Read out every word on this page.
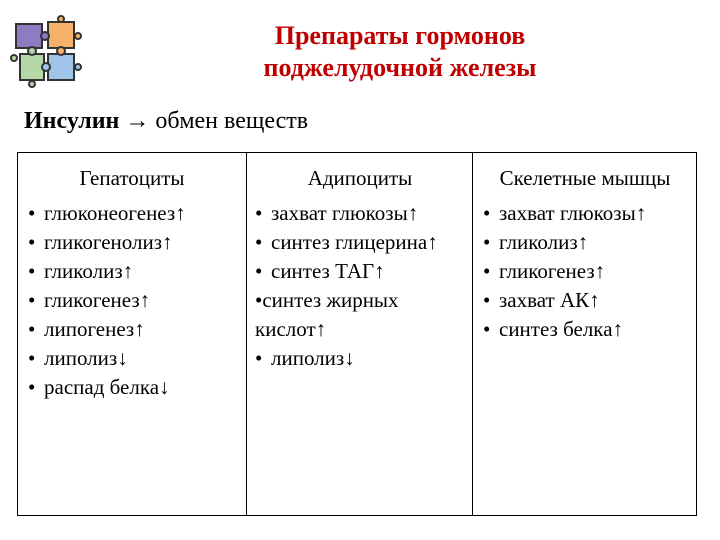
Препараты гормонов поджелудочной железы
Инсулин → обмен веществ
Гепатоциты
• глюконеогенез↑
• гликогенолиз↑
• гликолиз↑
• гликогенез↑
• липогенез↑
• липолиз↓
• распад белка↓
Адипоциты
• захват глюкозы↑
• синтез глицерина↑
• синтез ТАГ↑
•синтез жирных кислот↑
• липолиз↓
Скелетные мышцы
• захват глюкозы↑
• гликолиз↑
• гликогенез↑
• захват АК↑
• синтез белка↑
